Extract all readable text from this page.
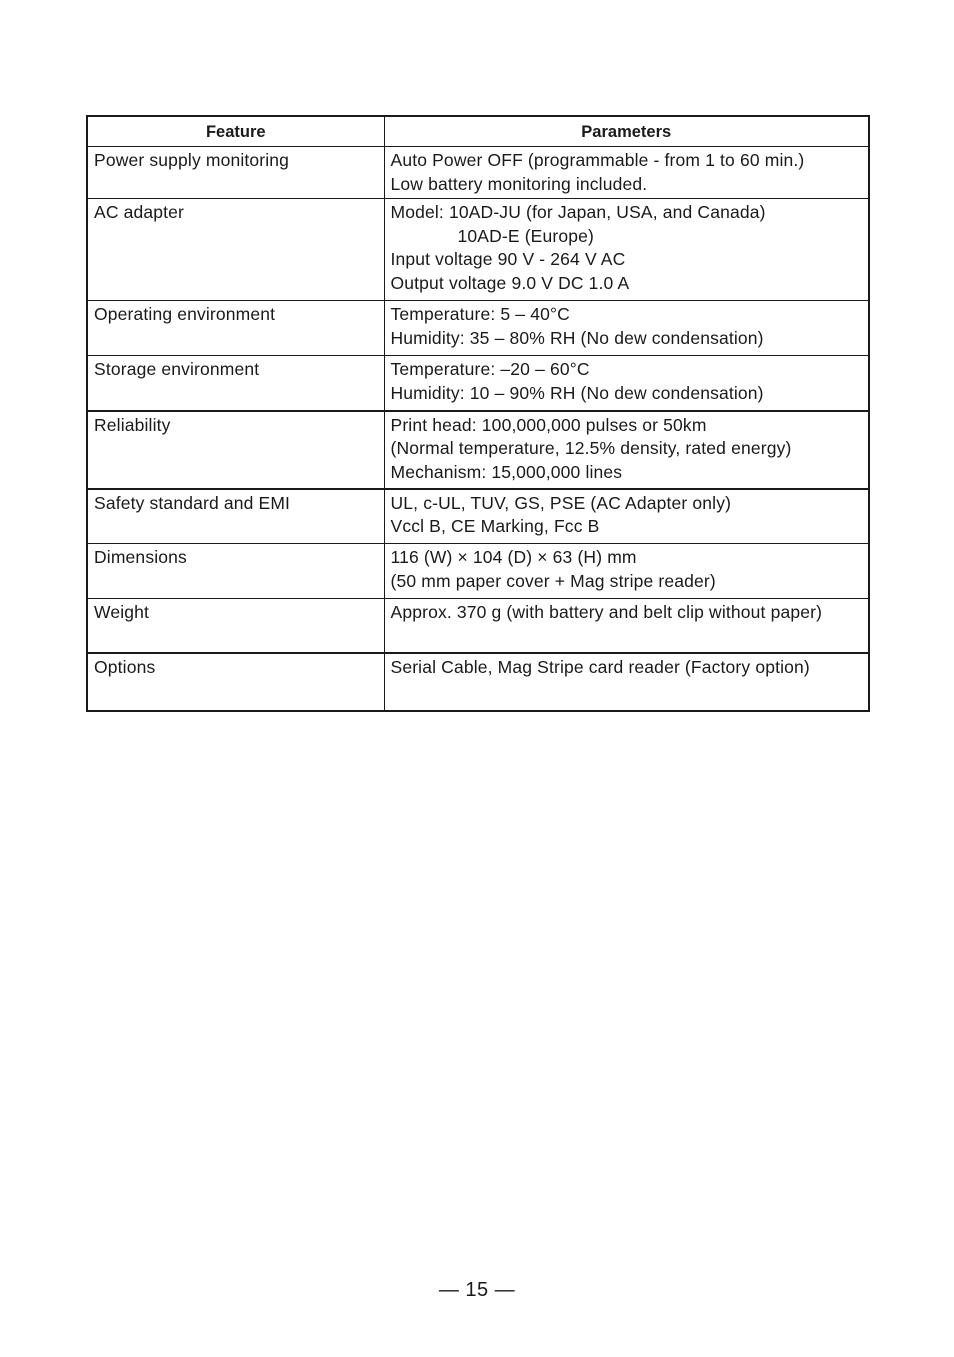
Feature	Parameters
Power supply monitoring	Auto Power OFF (programmable - from 1 to 60 min.)
Low battery monitoring included.

AC adapter	Model: 10AD-JU (for Japan, USA, and Canada)
10AD-E (Europe)
Input voltage 90 V - 264 V AC
Output voltage 9.0 V DC 1.0 A

Operating environment	Temperature: 5 – 40°C
Humidity: 35 – 80% RH (No dew condensation)

Storage environment	Temperature: –20 – 60°C
Humidity: 10 – 90% RH (No dew condensation)

Reliability	Print head: 100,000,000 pulses or 50km
(Normal temperature, 12.5% density, rated energy)
Mechanism: 15,000,000 lines

Safety standard and EMI	UL, c-UL, TUV, GS, PSE (AC Adapter only)
Vccl B, CE Marking, Fcc B

Dimensions	116 (W) × 104 (D) × 63 (H) mm
(50 mm paper cover + Mag stripe reader)

Weight	Approx. 370 g (with battery and belt clip without paper)

Options	Serial Cable, Mag Stripe card reader (Factory option)
— 15 —
